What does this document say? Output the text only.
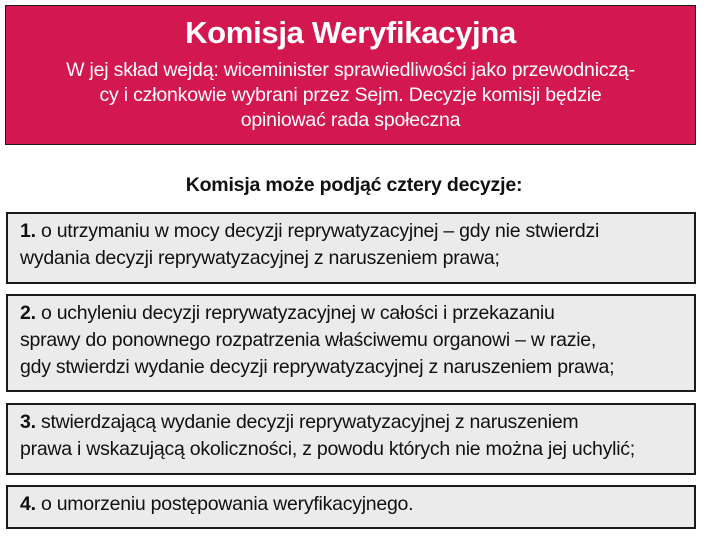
Komisja Weryfikacyjna
W jej skład wejdą: wiceminister sprawiedliwości jako przewodniczą-
cy i członkowie wybrani przez Sejm. Decyzje komisji będzie
opiniować rada społeczna
Komisja może podjąć cztery decyzje:
1. o utrzymaniu w mocy decyzji reprywatyzacyjnej – gdy nie stwierdzi
wydania decyzji reprywatyzacyjnej z naruszeniem prawa;
2. o uchyleniu decyzji reprywatyzacyjnej w całości i przekazaniu
sprawy do ponownego rozpatrzenia właściwemu organowi – w razie,
gdy stwierdzi wydanie decyzji reprywatyzacyjnej z naruszeniem prawa;
3. stwierdzającą wydanie decyzji reprywatyzacyjnej z naruszeniem
prawa i wskazującą okoliczności, z powodu których nie można jej uchylić;
4. o umorzeniu postępowania weryfikacyjnego.
